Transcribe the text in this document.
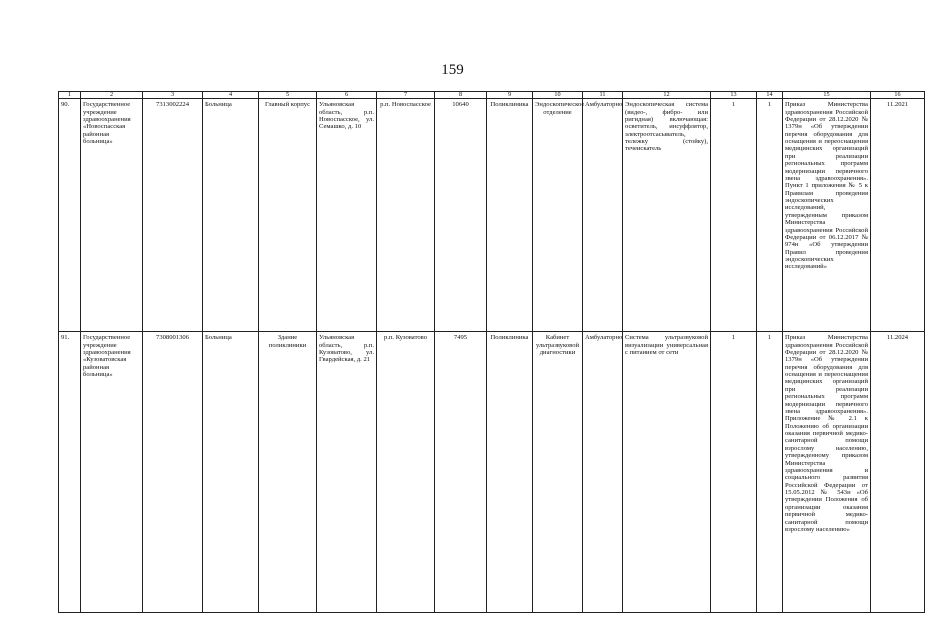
159
1	2	3	4	5	6	7	8	9	10	11	12	13	14	15	16
90.	Государственное учреждение здравоохранения «Новоспасская районная больница»	7313002224	Больница	Главный корпус	Ульяновская область, р.п. Новоспасское, ул. Семашко, д. 10	р.п. Новоспасское	10640	Поликлиника	Эндоскопическое отделение	Амбулаторно	Эндоскопическая система (видео-, фибро- или ригидная) включающая: осветитель, инсуффлятор, электроотсасыватель, тележку (стойку), течеискатель	1	1	Приказ Министерства здравоохранения Российской Федерации от 28.12.2020 № 1379н «Об утверждении перечня оборудования для оснащения и переоснащения медицинских организаций при реализации региональных программ модернизации первичного звена здравоохранения». Пункт 1 приложения № 5 к Правилам проведения эндоскопических исследований, утвержденным приказом Министерства здравоохранения Российской Федерации от 06.12.2017 № 974н «Об утверждении Правил проведения эндоскопических исследований»	11.2021
91.	Государственное учреждение здравоохранения «Кузоватовская районная больница»	7308001306	Больница	Здание поликлиники	Ульяновская область, р.п. Кузоватово, ул. Гвардейская, д. 21	р.п. Кузоватово	7495	Поликлиника	Кабинет ультразвуковой диагностики	Амбулаторно	Система ультразвуковой визуализации универсальная с питанием от сети	1	1	Приказ Министерства здравоохранения Российской Федерации от 28.12.2020 № 1379н «Об утверждении перечня оборудования для оснащения и переоснащения медицинских организаций при реализации региональных программ модернизации первичного звена здравоохранения». Приложение № 2.1 к Положению об организации оказания первичной медико-санитарной помощи взрослому населению, утвержденному приказом Министерства здравоохранения и социального развития Российской Федерации от 15.05.2012 № 543н «Об утверждении Положения об организации оказания первичной медико-санитарной помощи взрослому населению»	11.2024
